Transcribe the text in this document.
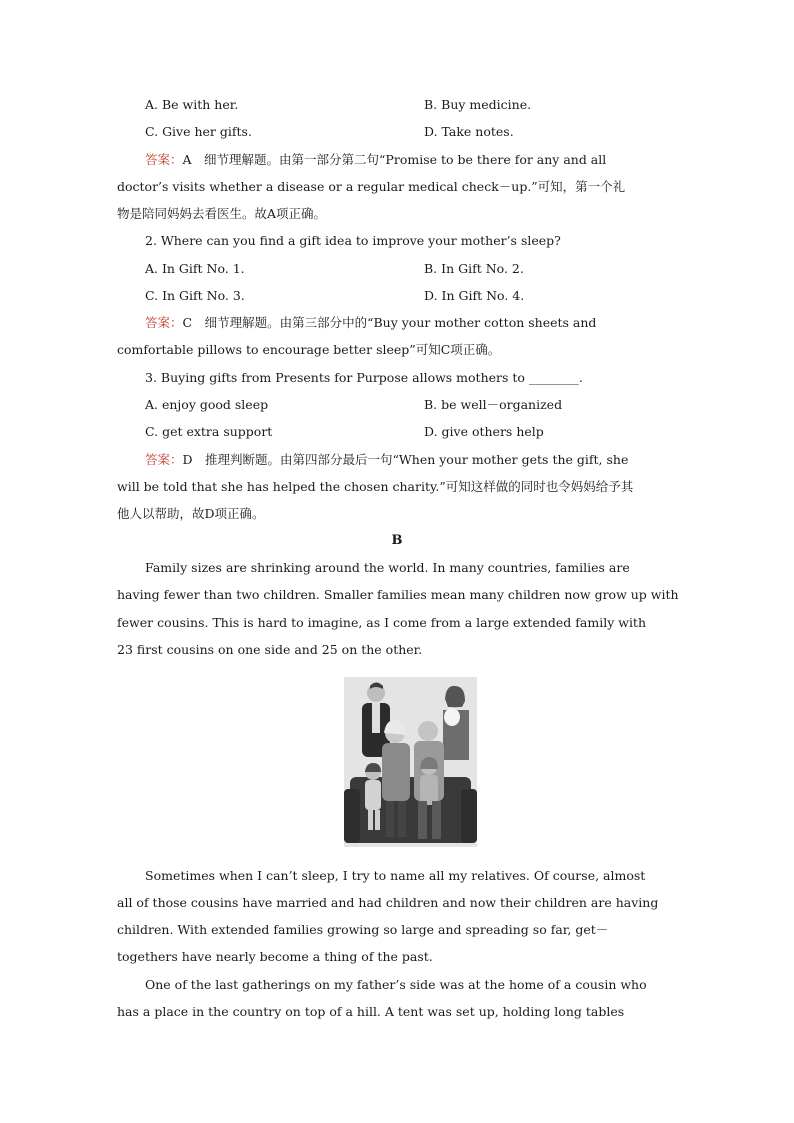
A. Be with her.	B. Buy medicine.
C. Give her gifts.	D. Take notes.
答案：A　细节理解题。由第一部分第二句“Promise to be there for any and all
doctor’s visits whether a disease or a regular medical check－up.”可知，第一个礼
物是陪同妈妈去看医生。故A项正确。
2. Where can you find a gift idea to improve your mother’s sleep?
A. In Gift No. 1.	B. In Gift No. 2.
C. In Gift No. 3.	D. In Gift No. 4.
答案：C　细节理解题。由第三部分中的“Buy your mother cotton sheets and
comfortable pillows to encourage better sleep”可知C项正确。
3. Buying gifts from Presents for Purpose allows mothers to ________.
A. enjoy good sleep	B. be well－organized
C. get extra support	D. give others help
答案：D　推理判断题。由第四部分最后一句“When your mother gets the gift, she
will be told that she has helped the chosen charity.”可知这样做的同时也令妈妈给予其
他人以帮助，故D项正确。
B
Family sizes are shrinking around the world. In many countries, families are
having fewer than two children. Smaller families mean many children now grow up with
fewer cousins. This is hard to imagine, as I come from a large extended family with
23 first cousins on one side and 25 on the other.
Sometimes when I can’t sleep, I try to name all my relatives. Of course, almost
all of those cousins have married and had children and now their children are having
children. With extended families growing so large and spreading so far, get－
togethers have nearly become a thing of the past.
One of the last gatherings on my father’s side was at the home of a cousin who
has a place in the country on top of a hill. A tent was set up, holding long tables
